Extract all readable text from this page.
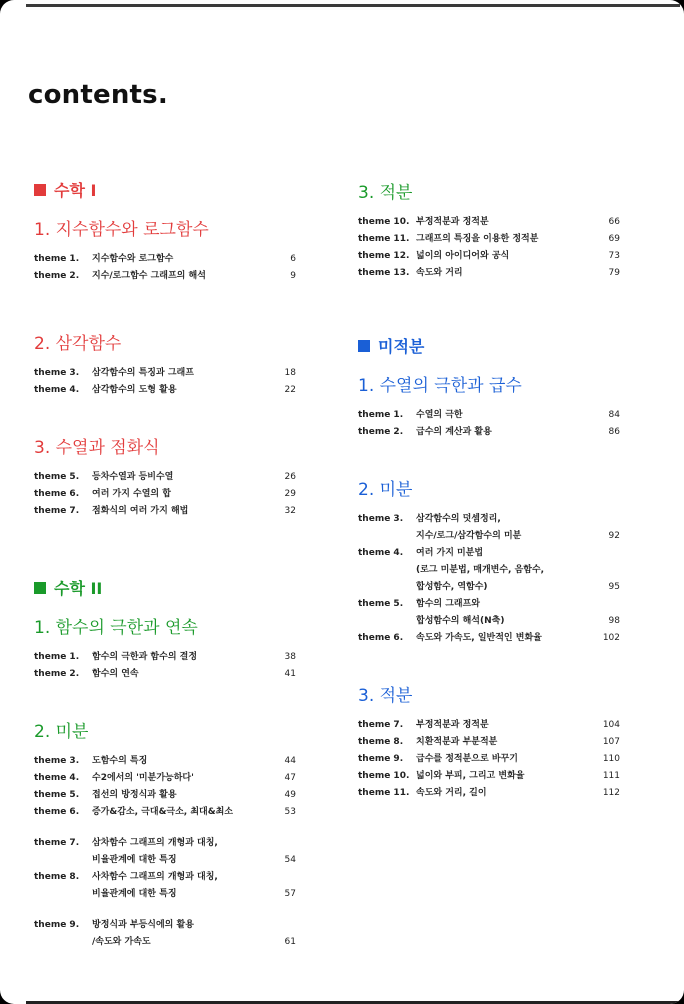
contents.
수학 I
1. 지수함수와 로그함수
theme 1.	지수함수와 로그함수	6
theme 2.	지수/로그함수 그래프의 해석	9
2. 삼각함수
theme 3.	삼각함수의 특징과 그래프	18
theme 4.	삼각함수의 도형 활용	22
3. 수열과 점화식
theme 5.	등차수열과 등비수열	26
theme 6.	여러 가지 수열의 합	29
theme 7.	점화식의 여러 가지 해법	32
수학 II
1. 함수의 극한과 연속
theme 1.	함수의 극한과 함수의 결정	38
theme 2.	함수의 연속	41
2. 미분
theme 3.	도함수의 특징	44
theme 4.	수2에서의 '미분가능하다'	47
theme 5.	접선의 방정식과 활용	49
theme 6.	증가&감소, 극대&극소, 최대&최소	53
theme 7.	삼차함수 그래프의 개형과 대칭,
비율관계에 대한 특징	54
theme 8.	사차함수 그래프의 개형과 대칭,
비율관계에 대한 특징	57
theme 9.	방정식과 부등식에의 활용
/속도와 가속도	61
3. 적분
theme 10. 부정적분과 정적분	66
theme 11. 그래프의 특징을 이용한 정적분	69
theme 12. 넓이의 아이디어와 공식	73
theme 13. 속도와 거리	79
미적분
1. 수열의 극한과 급수
theme 1.	수열의 극한	84
theme 2.	급수의 계산과 활용	86
2. 미분
theme 3.	삼각함수의 덧셈정리,
지수/로그/삼각함수의 미분	92
theme 4.	여러 가지 미분법
(로그 미분법, 매개변수, 음함수,
합성함수, 역함수)	95
theme 5.	함수의 그래프와
합성함수의 해석(N축)	98
theme 6.	속도와 가속도, 일반적인 변화율	102
3. 적분
theme 7.	부정적분과 정적분	104
theme 8.	치환적분과 부분적분	107
theme 9.	급수를 정적분으로 바꾸기	110
theme 10. 넓이와 부피, 그리고 변화율	111
theme 11. 속도와 거리, 길이	112
